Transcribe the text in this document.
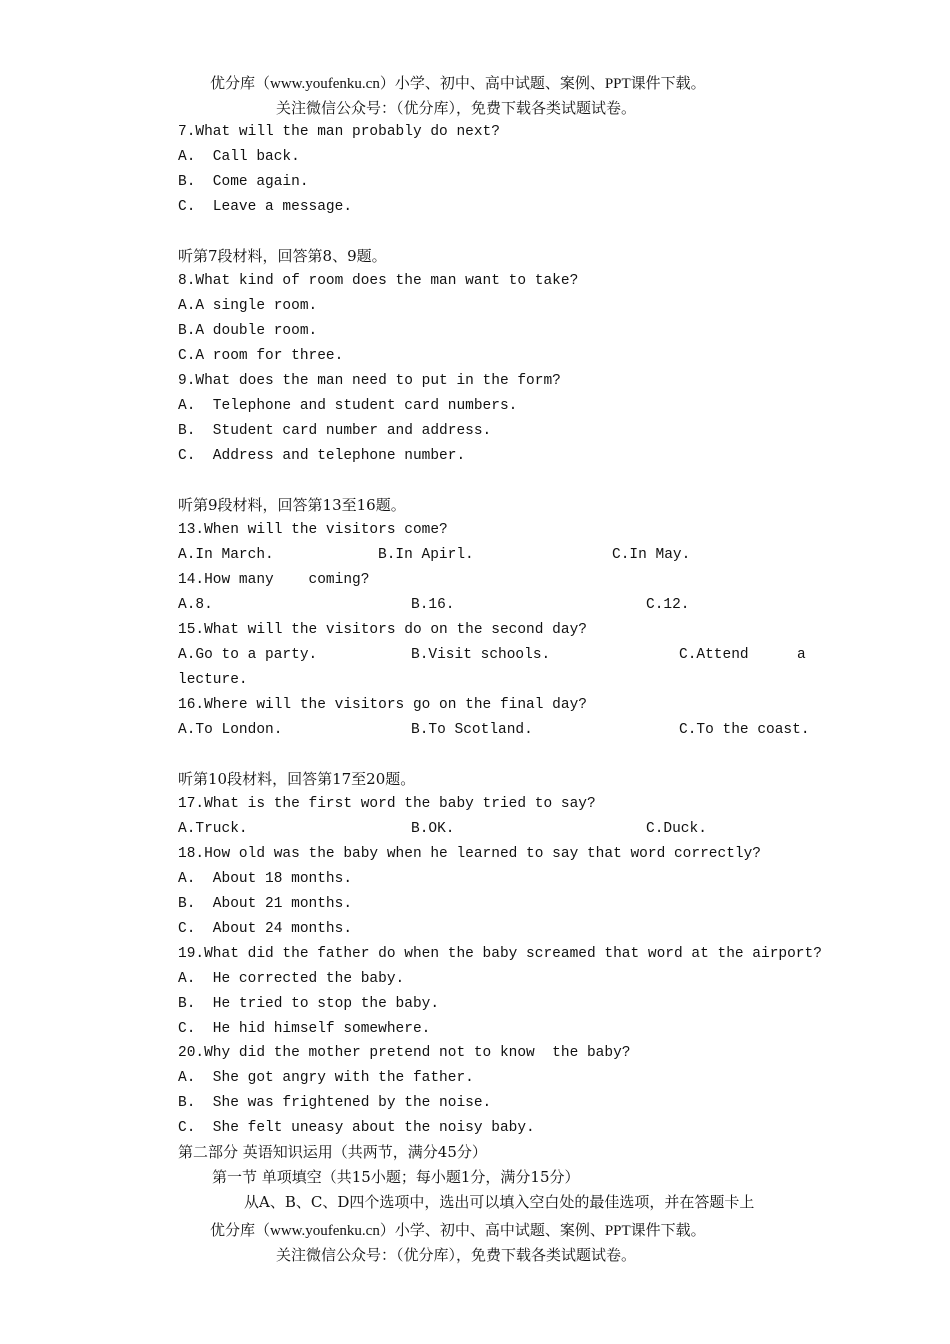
优分库（www.youfenku.cn）小学、初中、高中试题、案例、PPT课件下载。
关注微信公众号：（优分库），免费下载各类试题试卷。
7.What will the man probably do next?
A.  Call back.
B.  Come again.
C.  Leave a message.
听第7段材料，回答第8、9题。
8.What kind of room does the man want to take?
A.A single room.
B.A double room.
C.A room for three.
9.What does the man need to put in the form?
A.  Telephone and student card numbers.
B.  Student card number and address.
C.  Address and telephone number.
听第9段材料，回答第13至16题。
13.When will the visitors come?
A.In March.	B.In Apirl.	C.In May.
14.How many    coming?
A.8.	B.16.	C.12.
15.What will the visitors do on the second day?
A.Go to a party.	B.Visit schools.	C.Attend	a
lecture.
16.Where will the visitors go on the final day?
A.To London.	B.To Scotland.	C.To the coast.
听第10段材料，回答第17至20题。
17.What is the first word the baby tried to say?
A.Truck.	B.OK.	C.Duck.
18.How old was the baby when he learned to say that word correctly?
A.  About 18 months.
B.  About 21 months.
C.  About 24 months.
19.What did the father do when the baby screamed that word at the airport?
A.  He corrected the baby.
B.  He tried to stop the baby.
C.  He hid himself somewhere.
20.Why did the mother pretend not to know  the baby?
A.  She got angry with the father.
B.  She was frightened by the noise.
C.  She felt uneasy about the noisy baby.
第二部分 英语知识运用（共两节，满分45分）
第一节 单项填空（共15小题；每小题1分，满分15分）
从A、B、C、D四个选项中，选出可以填入空白处的最佳选项，并在答题卡上
优分库（www.youfenku.cn）小学、初中、高中试题、案例、PPT课件下载。
关注微信公众号：（优分库），免费下载各类试题试卷。
